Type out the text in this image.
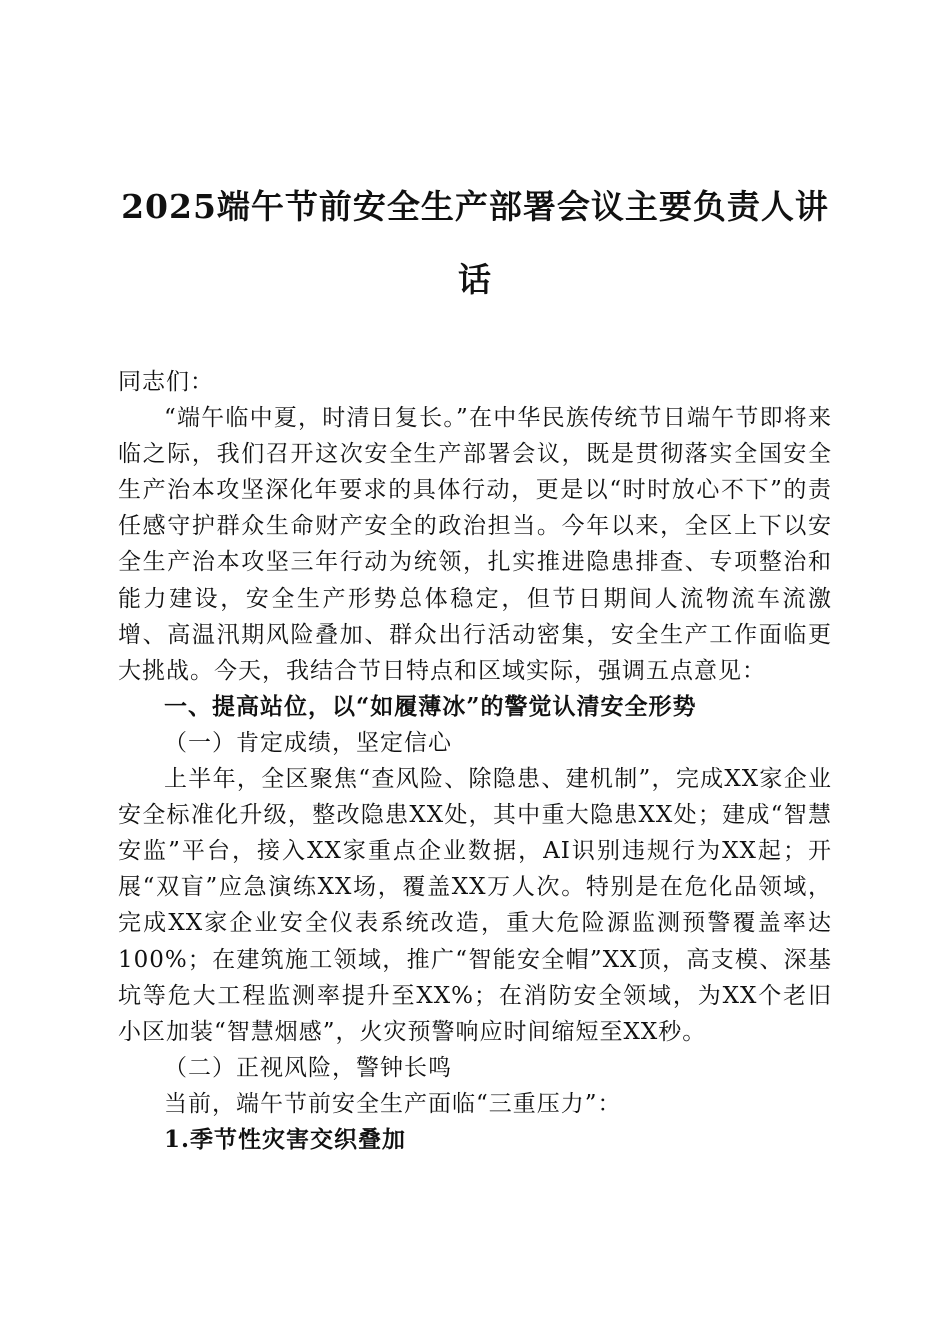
2025端午节前安全生产部署会议主要负责人讲话

同志们：

“端午临中夏，时清日复长。”在中华民族传统节日端午节即将来临之际，我们召开这次安全生产部署会议，既是贯彻落实全国安全生产治本攻坚深化年要求的具体行动，更是以“时时放心不下”的责任感守护群众生命财产安全的政治担当。今年以来，全区上下以安全生产治本攻坚三年行动为统领，扎实推进隐患排查、专项整治和能力建设，安全生产形势总体稳定，但节日期间人流物流车流激增、高温汛期风险叠加、群众出行活动密集，安全生产工作面临更大挑战。今天，我结合节日特点和区域实际，强调五点意见：

一、提高站位，以“如履薄冰”的警觉认清安全形势

（一）肯定成绩，坚定信心

上半年，全区聚焦“查风险、除隐患、建机制”，完成XX家企业安全标准化升级，整改隐患XX处，其中重大隐患XX处；建成“智慧安监”平台，接入XX家重点企业数据，AI识别违规行为XX起；开展“双盲”应急演练XX场，覆盖XX万人次。特别是在危化品领域，完成XX家企业安全仪表系统改造，重大危险源监测预警覆盖率达100%；在建筑施工领域，推广“智能安全帽”XX顶，高支模、深基坑等危大工程监测率提升至XX%；在消防安全领域，为XX个老旧小区加装“智慧烟感”，火灾预警响应时间缩短至XX秒。

（二）正视风险，警钟长鸣

当前，端午节前安全生产面临“三重压力”：

1.季节性灾害交织叠加
